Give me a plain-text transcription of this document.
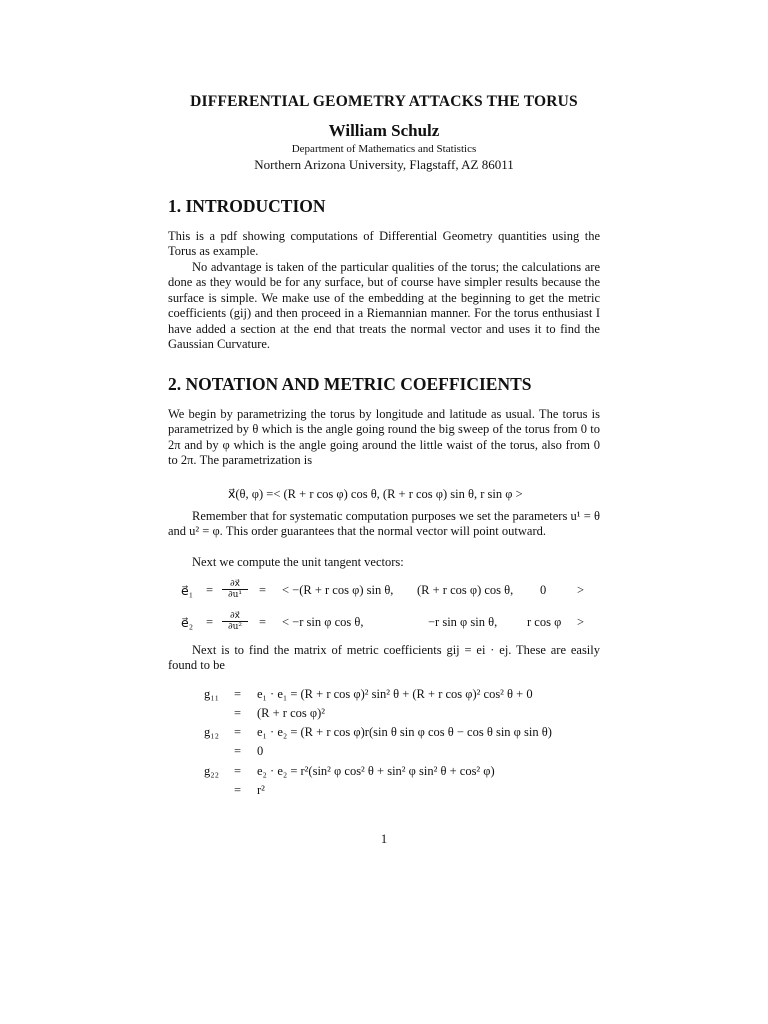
DIFFERENTIAL GEOMETRY ATTACKS THE TORUS
William Schulz
Department of Mathematics and Statistics
Northern Arizona University, Flagstaff, AZ 86011
1. INTRODUCTION
This is a pdf showing computations of Differential Geometry quantities using the Torus as example.
No advantage is taken of the particular qualities of the torus; the calculations are done as they would be for any surface, but of course have simpler results because the surface is simple. We make use of the embedding at the beginning to get the metric coefficients (gij) and then proceed in a Riemannian manner. For the torus enthusiast I have added a section at the end that treats the normal vector and uses it to find the Gaussian Curvature.
2. NOTATION AND METRIC COEFFICIENTS
We begin by parametrizing the torus by longitude and latitude as usual. The torus is parametrized by θ which is the angle going round the big sweep of the torus from 0 to 2π and by φ which is the angle going around the little waist of the torus, also from 0 to 2π. The parametrization is
x⃗(θ, φ) =< (R + r cos φ) cos θ, (R + r cos φ) sin θ, r sin φ >
Remember that for systematic computation purposes we set the parameters u¹ = θ and u² = φ. This order guarantees that the normal vector will point outward.
Next we compute the unit tangent vectors:
e⃗₁ = $\frac{\partial x⃗}{\text{∂u¹}}$ = < −(R + r cos φ) sin θ, (R + r cos φ) cos θ, 0 >
e⃗₂ = $\frac{\partial x⃗}{\text{∂u²}}$ = < −r sin φ cos θ,	−r sin φ sin θ, r cos φ >
Next is to find the matrix of metric coefficients gij = ei · ej. These are easily found to be
g₁₁ = e₁ · e₁ = (R + r cos φ)² sin² θ + (R + r cos φ)² cos² θ + 0
= (R + r cos φ)²
g₁₂ = e₁ · e₂ = (R + r cos φ)r(sin θ sin φ cos θ − cos θ sin φ sin θ)
= 0
g₂₂ = e₂ · e₂ = r²(sin² φ cos² θ + sin² φ sin² θ + cos² φ)
= r²
1
